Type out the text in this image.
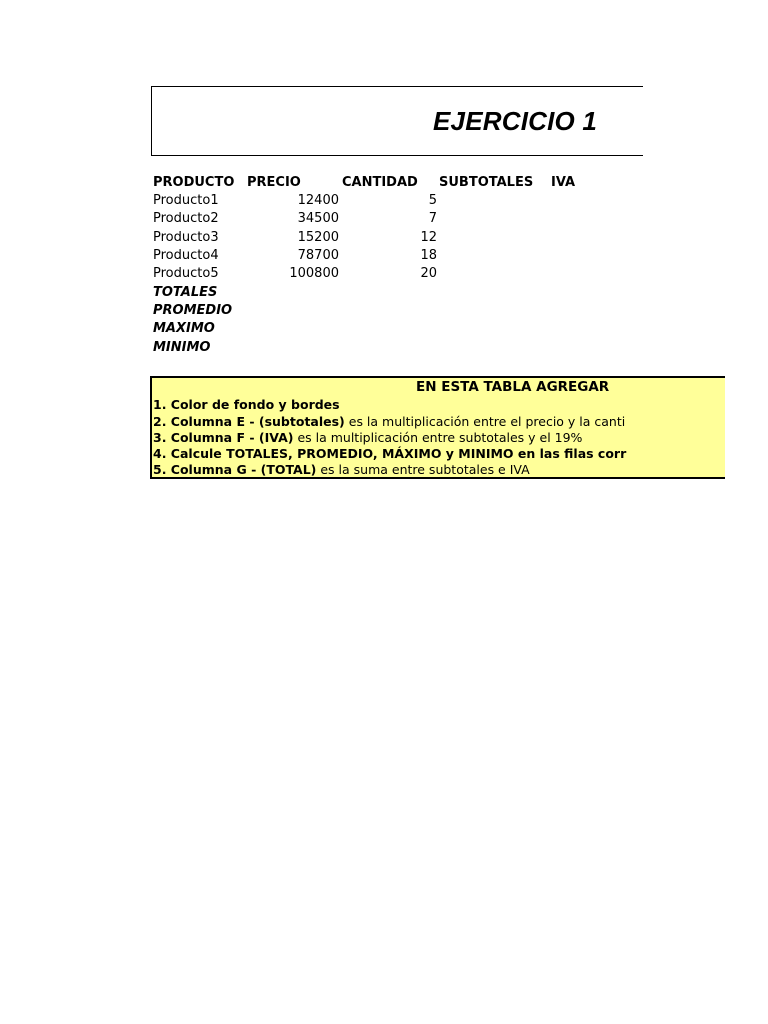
EJERCICIO 1
PRODUCTO PRECIO	CANTIDAD SUBTOTALES IVA
Producto1	12400	5
Producto2	34500	7
Producto3	15200	12
Producto4	78700	18
Producto5	100800	20
TOTALES
PROMEDIO
MAXIMO
MINIMO
EN ESTA TABLA AGREGAR
1. Color de fondo y bordes
2. Columna E - (subtotales) es la multiplicación entre el precio y la canti
3. Columna F - (IVA) es la multiplicación entre subtotales y el 19%
4. Calcule TOTALES, PROMEDIO, MÁXIMO y MINIMO en las filas corr
5. Columna G - (TOTAL) es la suma entre subtotales e IVA
